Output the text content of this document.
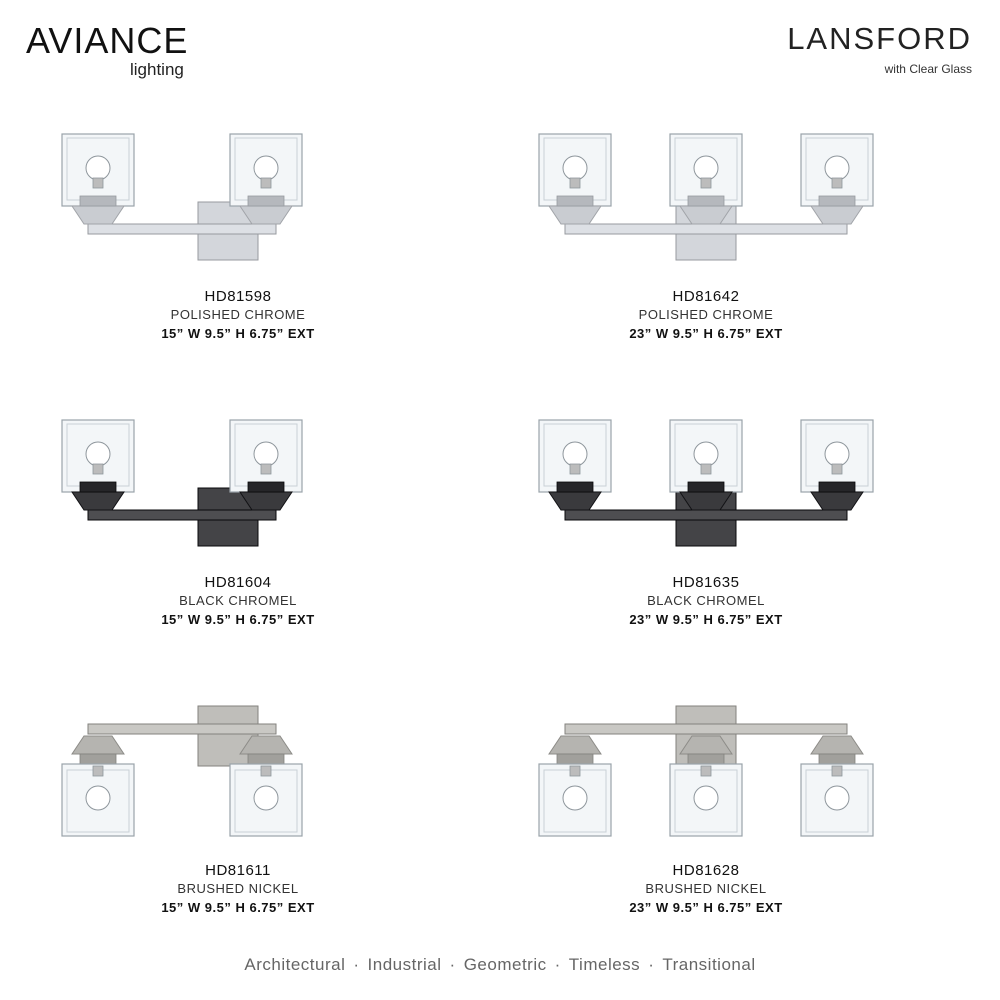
AVIANCE
lighting
LANSFORD
with Clear Glass
HD81598
POLISHED CHROME
15” W 9.5” H 6.75” EXT
HD81642
POLISHED CHROME
23” W 9.5” H 6.75” EXT
HD81604
BLACK CHROMEL
15” W 9.5” H 6.75” EXT
HD81635
BLACK CHROMEL
23” W 9.5” H 6.75” EXT
HD81611
BRUSHED NICKEL
15” W 9.5” H 6.75” EXT
HD81628
BRUSHED NICKEL
23” W 9.5” H 6.75” EXT
Architectural · Industrial · Geometric · Timeless · Transitional
